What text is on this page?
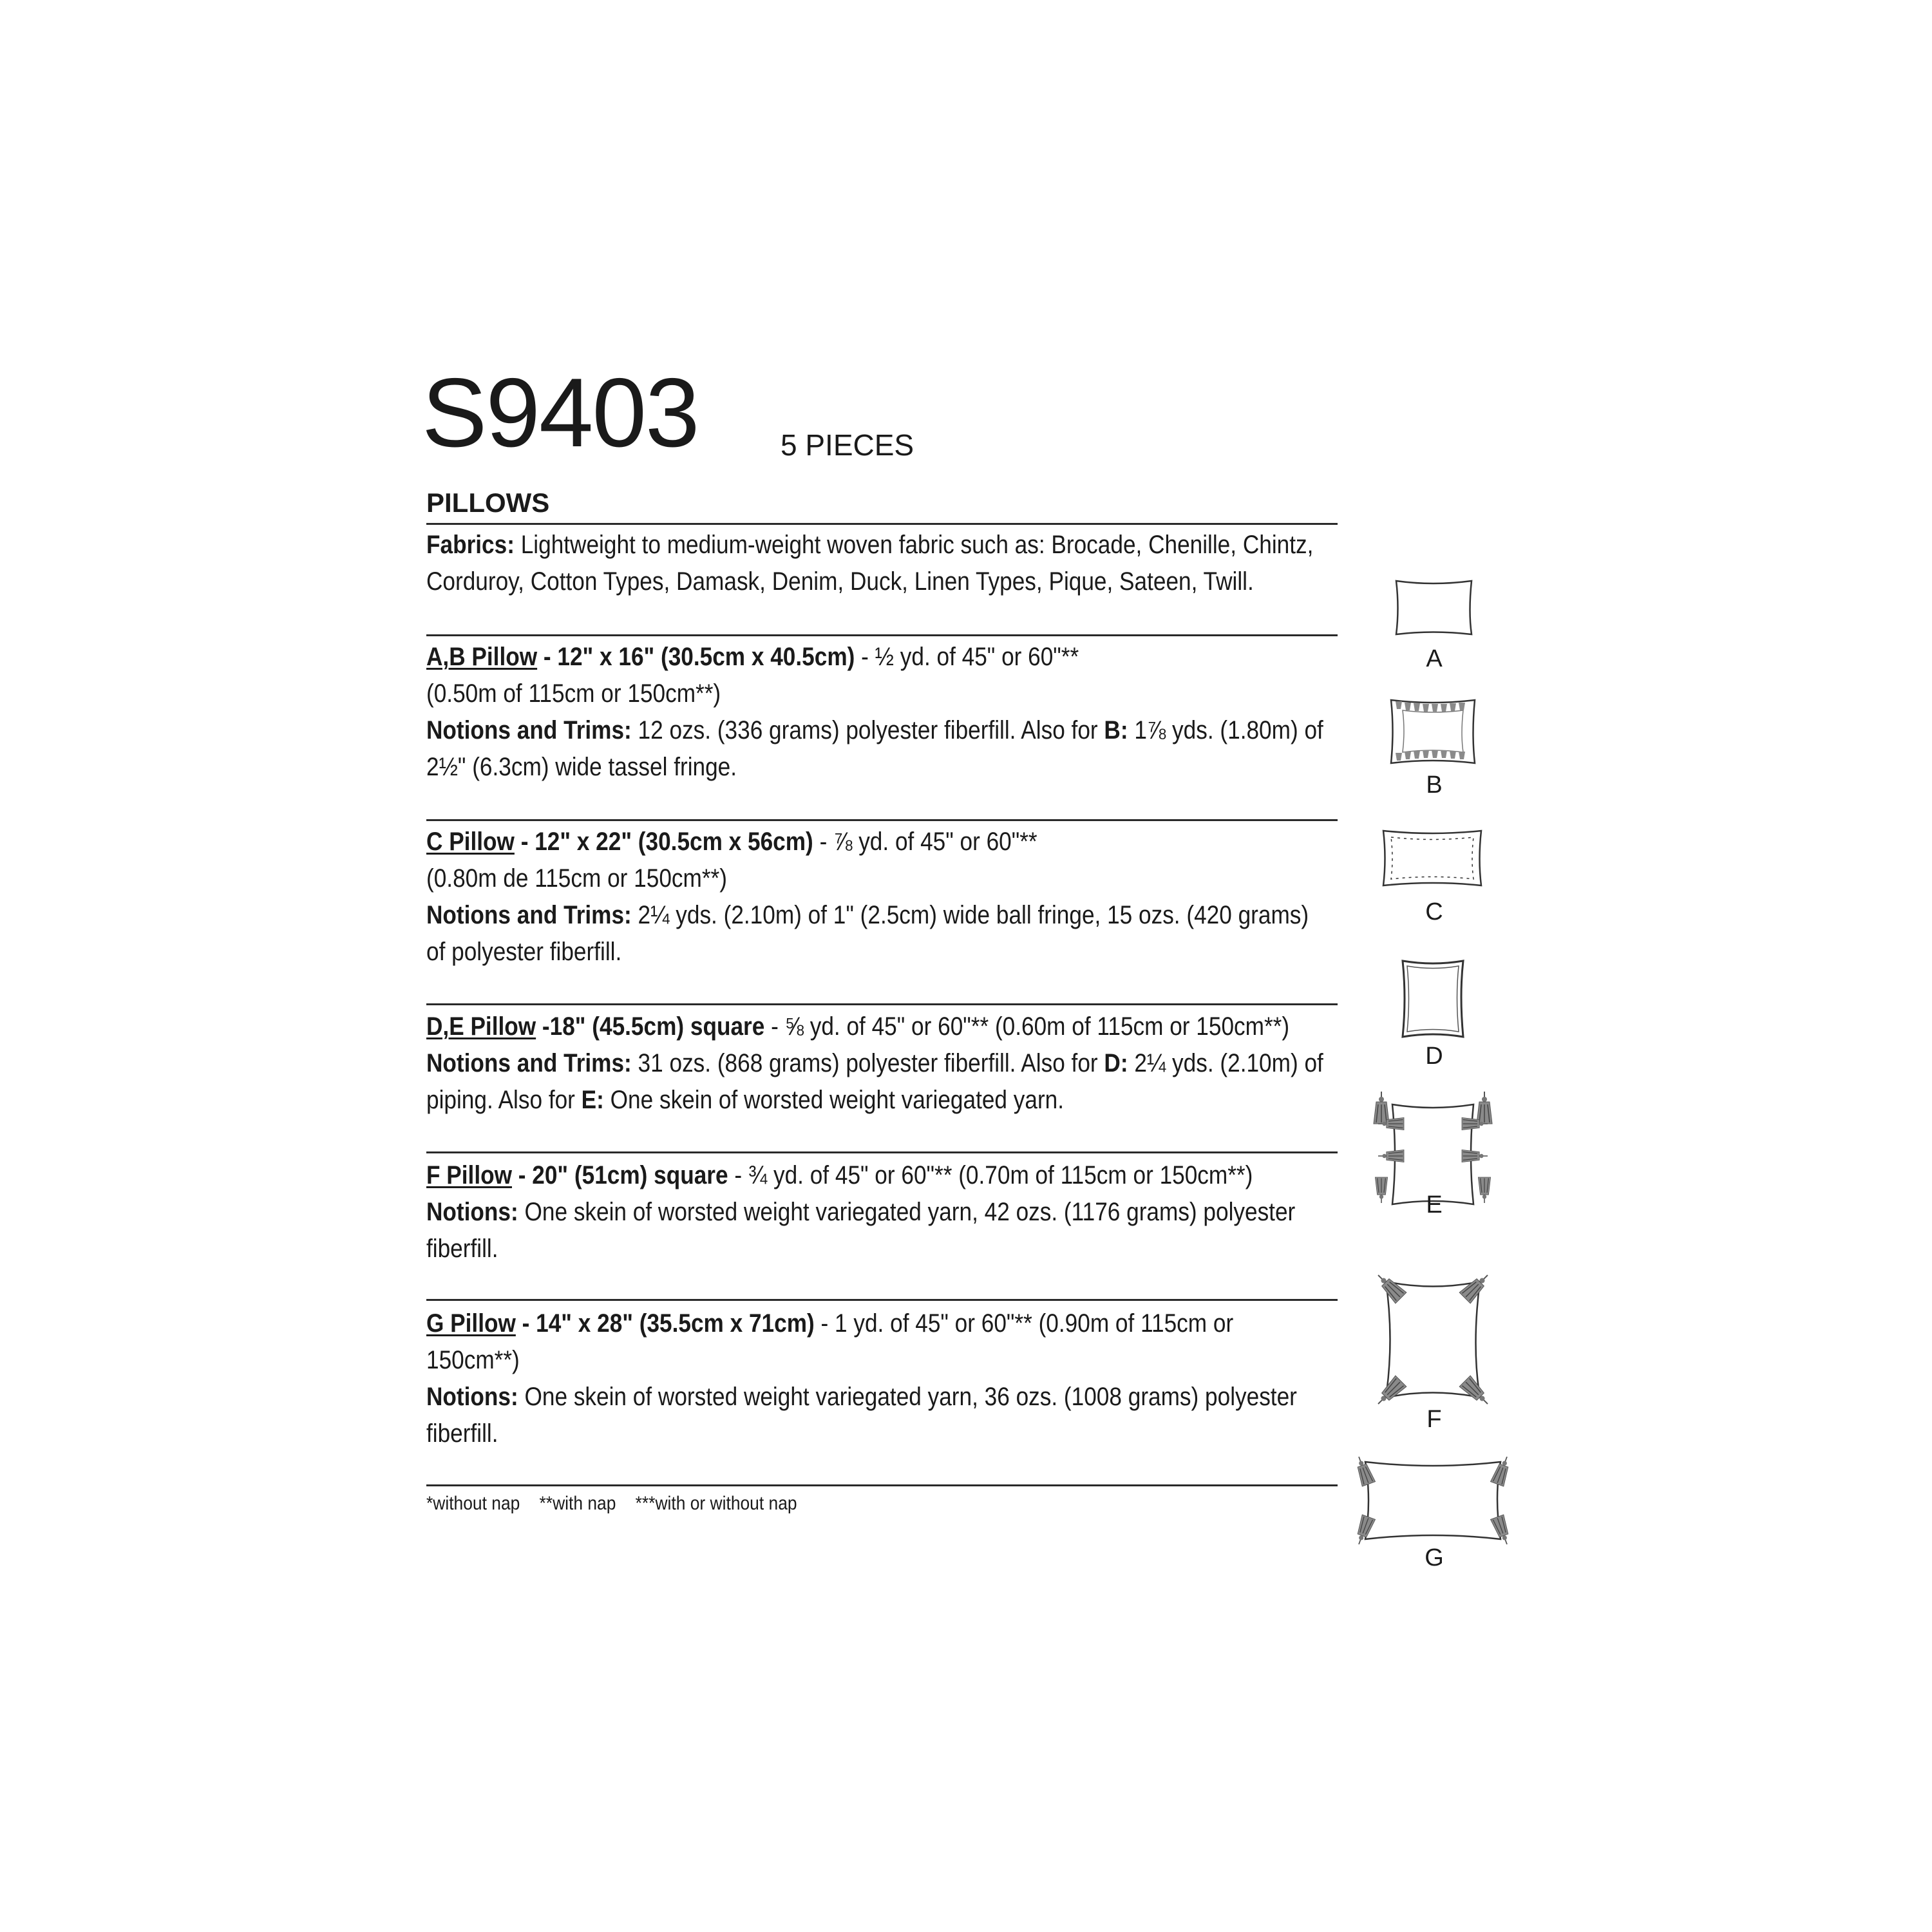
S9403	5 PIECES
PILLOWS
Fabrics: Lightweight to medium-weight woven fabric such as: Brocade, Chenille, Chintz,
Corduroy, Cotton Types, Damask, Denim, Duck, Linen Types, Pique, Sateen, Twill.
A,B Pillow - 12" x 16" (30.5cm x 40.5cm) - ½ yd. of 45" or 60"**
(0.50m of 115cm or 150cm**)
Notions and Trims: 12 ozs. (336 grams) polyester fiberfill. Also for B: 1⅞ yds. (1.80m) of
2½" (6.3cm) wide tassel fringe.
C Pillow - 12" x 22" (30.5cm x 56cm) - ⅞ yd. of 45" or 60"**
(0.80m de 115cm or 150cm**)
Notions and Trims: 2¼ yds. (2.10m) of 1" (2.5cm) wide ball fringe, 15 ozs. (420 grams)
of polyester fiberfill.
D,E Pillow -18" (45.5cm) square - ⅝ yd. of 45" or 60"** (0.60m of 115cm or 150cm**)
Notions and Trims: 31 ozs. (868 grams) polyester fiberfill. Also for D: 2¼ yds. (2.10m) of
piping. Also for E: One skein of worsted weight variegated yarn.
F Pillow - 20" (51cm) square - ¾ yd. of 45" or 60"** (0.70m of 115cm or 150cm**)
Notions: One skein of worsted weight variegated yarn, 42 ozs. (1176 grams) polyester
fiberfill.
G Pillow - 14" x 28" (35.5cm x 71cm) - 1 yd. of 45" or 60"** (0.90m of 115cm or
150cm**)
Notions: One skein of worsted weight variegated yarn, 36 ozs. (1008 grams) polyester
fiberfill.
*without nap **with nap ***with or without nap
A
B
C
D
E
F
G
